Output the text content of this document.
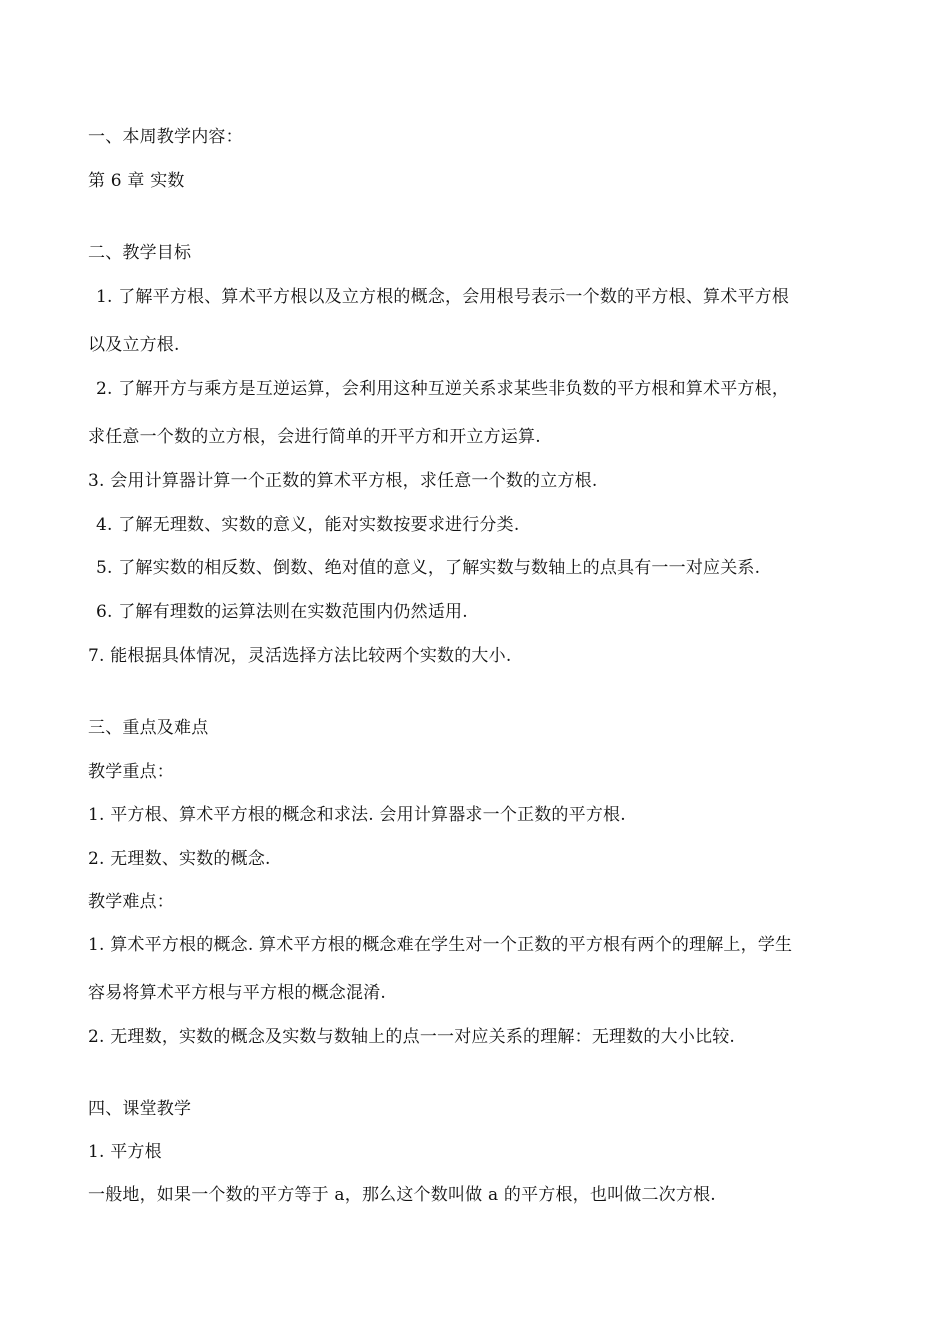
一、本周教学内容：
第 6 章 实数
二、教学目标
1. 了解平方根、算术平方根以及立方根的概念，会用根号表示一个数的平方根、算术平方根
以及立方根.
2. 了解开方与乘方是互逆运算，会利用这种互逆关系求某些非负数的平方根和算术平方根，
求任意一个数的立方根，会进行简单的开平方和开立方运算.
3. 会用计算器计算一个正数的算术平方根，求任意一个数的立方根.
4. 了解无理数、实数的意义，能对实数按要求进行分类.
5. 了解实数的相反数、倒数、绝对值的意义，了解实数与数轴上的点具有一一对应关系.
6. 了解有理数的运算法则在实数范围内仍然适用.
7. 能根据具体情况，灵活选择方法比较两个实数的大小.
三、重点及难点
教学重点：
1. 平方根、算术平方根的概念和求法. 会用计算器求一个正数的平方根.
2. 无理数、实数的概念.
教学难点：
1. 算术平方根的概念. 算术平方根的概念难在学生对一个正数的平方根有两个的理解上，学生
容易将算术平方根与平方根的概念混淆.
2. 无理数，实数的概念及实数与数轴上的点一一对应关系的理解：无理数的大小比较.
四、课堂教学
1. 平方根
一般地，如果一个数的平方等于 a，那么这个数叫做 a 的平方根，也叫做二次方根.
